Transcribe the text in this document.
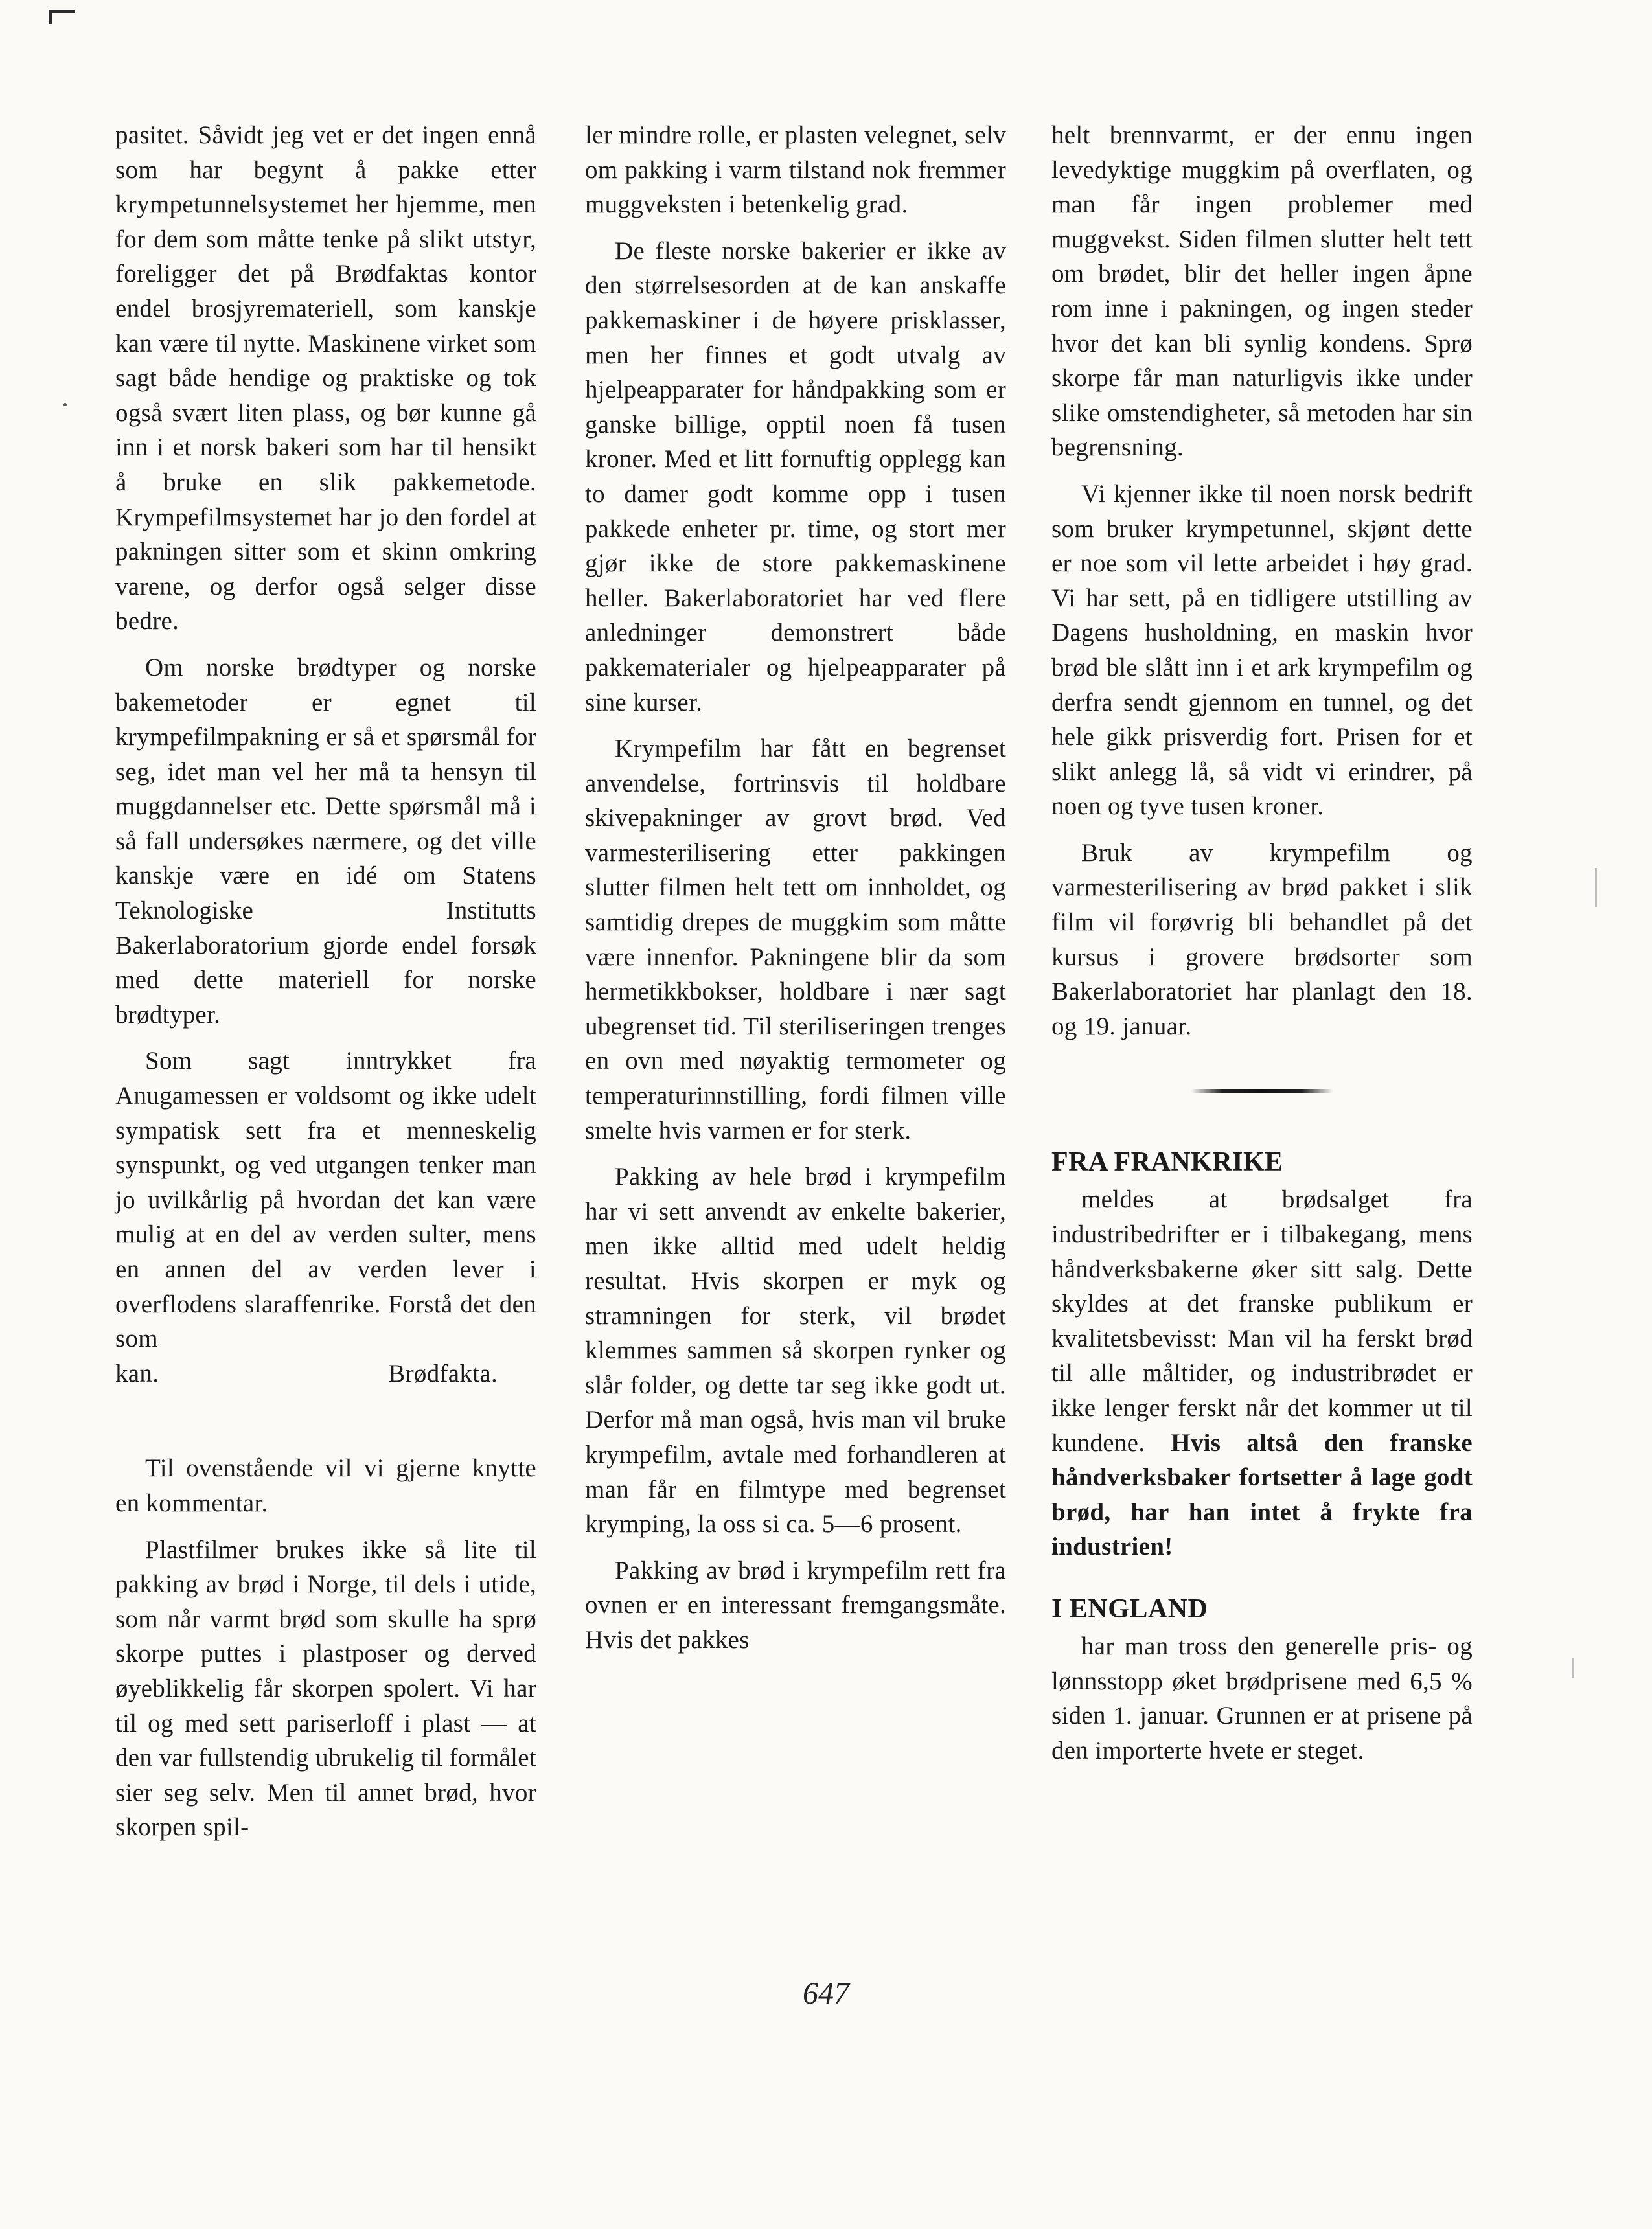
pasitet. Såvidt jeg vet er det ingen ennå som har begynt å pakke etter krympetunnelsystemet her hjemme, men for dem som måtte tenke på slikt utstyr, foreligger det på Brødfaktas kontor endel brosjyremateriell, som kanskje kan være til nytte. Maskinene virket som sagt både hendige og praktiske og tok også svært liten plass, og bør kunne gå inn i et norsk bakeri som har til hensikt å bruke en slik pakkemetode. Krympefilmsystemet har jo den fordel at pakningen sitter som et skinn omkring varene, og derfor også selger disse bedre.

Om norske brødtyper og norske bakemetoder er egnet til krympefilmpakning er så et spørsmål for seg, idet man vel her må ta hensyn til muggdannelser etc. Dette spørsmål må i så fall undersøkes nærmere, og det ville kanskje være en idé om Statens Teknologiske Institutts Bakerlaboratorium gjorde endel forsøk med dette materiell for norske brødtyper.

Som sagt inntrykket fra Anugamessen er voldsomt og ikke udelt sympatisk sett fra et menneskelig synspunkt, og ved utgangen tenker man jo uvilkårlig på hvordan det kan være mulig at en del av verden sulter, mens en annen del av verden lever i overflodens slaraffenrike. Forstå det den som

kan.	Brødfakta.

Til ovenstående vil vi gjerne knytte en kommentar.

Plastfilmer brukes ikke så lite til pakking av brød i Norge, til dels i utide, som når varmt brød som skulle ha sprø skorpe puttes i plastposer og derved øyeblikkelig får skorpen spolert. Vi har til og med sett pariserloff i plast — at den var fullstendig ubrukelig til formålet sier seg selv. Men til annet brød, hvor skorpen spil-

ler mindre rolle, er plasten velegnet, selv om pakking i varm tilstand nok fremmer muggveksten i betenkelig grad.

De fleste norske bakerier er ikke av den størrelsesorden at de kan anskaffe pakkemaskiner i de høyere prisklasser, men her finnes et godt utvalg av hjelpeapparater for håndpakking som er ganske billige, opptil noen få tusen kroner. Med et litt fornuftig opplegg kan to damer godt komme opp i tusen pakkede enheter pr. time, og stort mer gjør ikke de store pakkemaskinene heller. Bakerlaboratoriet har ved flere anledninger demonstrert både pakkematerialer og hjelpeapparater på sine kurser.

Krympefilm har fått en begrenset anvendelse, fortrinsvis til holdbare skivepakninger av grovt brød. Ved varmesterilisering etter pakkingen slutter filmen helt tett om innholdet, og samtidig drepes de muggkim som måtte være innenfor. Pakningene blir da som hermetikkbokser, holdbare i nær sagt ubegrenset tid. Til steriliseringen trenges en ovn med nøyaktig termometer og temperaturinnstilling, fordi filmen ville smelte hvis varmen er for sterk.

Pakking av hele brød i krympefilm har vi sett anvendt av enkelte bakerier, men ikke alltid med udelt heldig resultat. Hvis skorpen er myk og stramningen for sterk, vil brødet klemmes sammen så skorpen rynker og slår folder, og dette tar seg ikke godt ut. Derfor må man også, hvis man vil bruke krympefilm, avtale med forhandleren at man får en filmtype med begrenset krymping, la oss si ca. 5—6 prosent.

Pakking av brød i krympefilm rett fra ovnen er en interessant fremgangsmåte. Hvis det pakkes

helt brennvarmt, er der ennu ingen levedyktige muggkim på overflaten, og man får ingen problemer med muggvekst. Siden filmen slutter helt tett om brødet, blir det heller ingen åpne rom inne i pakningen, og ingen steder hvor det kan bli synlig kondens. Sprø skorpe får man naturligvis ikke under slike omstendigheter, så metoden har sin begrensning.

Vi kjenner ikke til noen norsk bedrift som bruker krympetunnel, skjønt dette er noe som vil lette arbeidet i høy grad. Vi har sett, på en tidligere utstilling av Dagens husholdning, en maskin hvor brød ble slått inn i et ark krympefilm og derfra sendt gjennom en tunnel, og det hele gikk prisverdig fort. Prisen for et slikt anlegg lå, så vidt vi erindrer, på noen og tyve tusen kroner.

Bruk av krympefilm og varmesterilisering av brød pakket i slik film vil forøvrig bli behandlet på det kursus i grovere brødsorter som Bakerlaboratoriet har planlagt den 18. og 19. januar.

FRA FRANKRIKE

meldes at brødsalget fra industribedrifter er i tilbakegang, mens håndverksbakerne øker sitt salg. Dette skyldes at det franske publikum er kvalitetsbevisst: Man vil ha ferskt brød til alle måltider, og industribrødet er ikke lenger ferskt når det kommer ut til kundene. Hvis altså den franske håndverksbaker fortsetter å lage godt brød, har han intet å frykte fra industrien!

I ENGLAND

har man tross den generelle pris- og lønnsstopp øket brødprisene med 6,5 % siden 1. januar. Grunnen er at prisene på den importerte hvete er steget.

647
